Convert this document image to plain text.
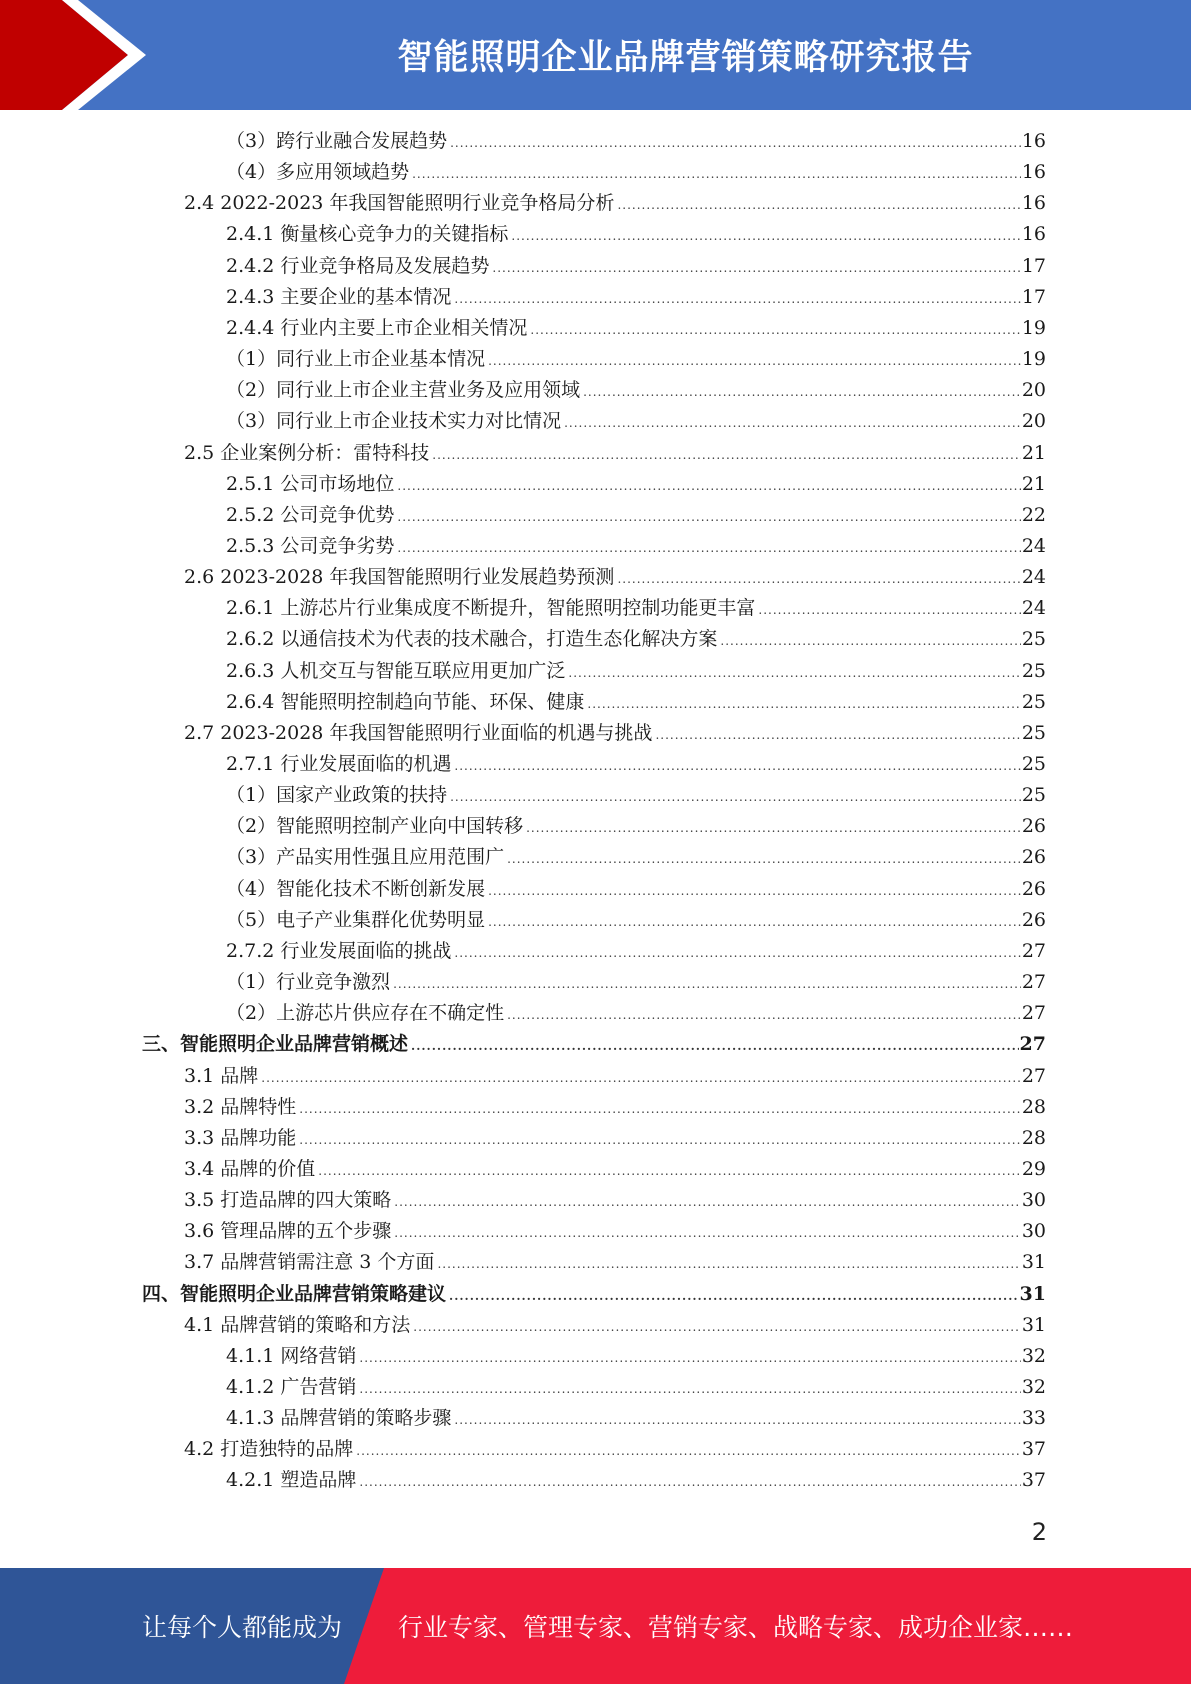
智能照明企业品牌营销策略研究报告
（3）跨行业融合发展趋势 .....	16
（4）多应用领域趋势 .....	16
2.4 2022-2023 年我国智能照明行业竞争格局分析 .....	16
2.4.1 衡量核心竞争力的关键指标 .....	16
2.4.2 行业竞争格局及发展趋势 .....	17
2.4.3 主要企业的基本情况 .....	17
2.4.4 行业内主要上市企业相关情况 .....	19
（1）同行业上市企业基本情况 .....	19
（2）同行业上市企业主营业务及应用领域 .....	20
（3）同行业上市企业技术实力对比情况 .....	20
2.5 企业案例分析：雷特科技 .....	21
2.5.1 公司市场地位 .....	21
2.5.2 公司竞争优势 .....	22
2.5.3 公司竞争劣势 .....	24
2.6 2023-2028 年我国智能照明行业发展趋势预测 .....	24
2.6.1 上游芯片行业集成度不断提升，智能照明控制功能更丰富 .....	24
2.6.2 以通信技术为代表的技术融合，打造生态化解决方案 .....	25
2.6.3 人机交互与智能互联应用更加广泛 .....	25
2.6.4 智能照明控制趋向节能、环保、健康 .....	25
2.7 2023-2028 年我国智能照明行业面临的机遇与挑战 .....	25
2.7.1 行业发展面临的机遇 .....	25
（1）国家产业政策的扶持 .....	25
（2）智能照明控制产业向中国转移 .....	26
（3）产品实用性强且应用范围广 .....	26
（4）智能化技术不断创新发展 .....	26
（5）电子产业集群化优势明显 .....	26
2.7.2 行业发展面临的挑战 .....	27
（1）行业竞争激烈 .....	27
（2）上游芯片供应存在不确定性 .....	27
三、智能照明企业品牌营销概述 .....	27
3.1 品牌 .....	27
3.2 品牌特性 .....	28
3.3 品牌功能 .....	28
3.4 品牌的价值 .....	29
3.5 打造品牌的四大策略 .....	30
3.6 管理品牌的五个步骤 .....	30
3.7 品牌营销需注意 3 个方面 .....	31
四、智能照明企业品牌营销策略建议 .....	31
4.1 品牌营销的策略和方法 .....	31
4.1.1 网络营销 .....	32
4.1.2 广告营销 .....	32
4.1.3 品牌营销的策略步骤 .....	33
4.2 打造独特的品牌 .....	37
4.2.1 塑造品牌 .....	37
2
让每个人都能成为 行业专家、管理专家、营销专家、战略专家、成功企业家……
